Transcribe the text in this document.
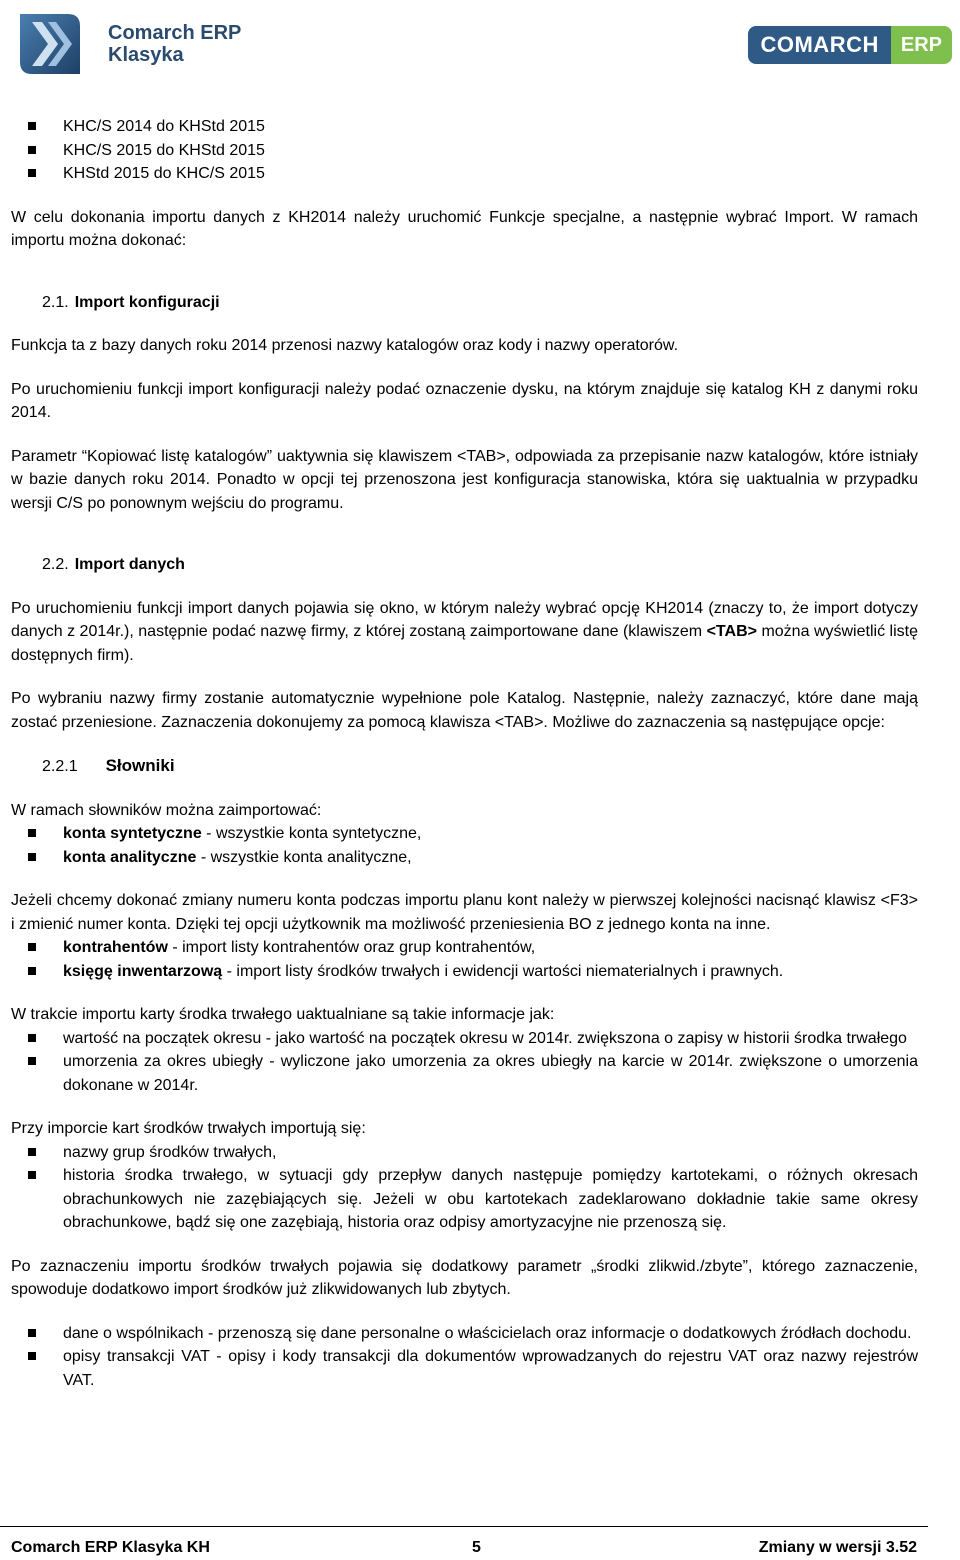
Comarch ERP
Klasyka	COMARCH	ERP
KHC/S 2014 do KHStd 2015
KHC/S 2015 do KHStd 2015
KHStd 2015 do KHC/S 2015

W celu dokonania importu danych z KH2014 należy uruchomić Funkcje specjalne, a następnie wybrać Import. W ramach importu można dokonać:

2.1. Import konfiguracji

Funkcja ta z bazy danych roku 2014 przenosi nazwy katalogów oraz kody i nazwy operatorów.

Po uruchomieniu funkcji import konfiguracji należy podać oznaczenie dysku, na którym znajduje się katalog KH z danymi roku 2014.

Parametr “Kopiować listę katalogów” uaktywnia się klawiszem <TAB>, odpowiada za przepisanie nazw katalogów, które istniały w bazie danych roku 2014. Ponadto w opcji tej przenoszona jest konfiguracja stanowiska, która się uaktualnia w przypadku wersji C/S po ponownym wejściu do programu.

2.2. Import danych

Po uruchomieniu funkcji import danych pojawia się okno, w którym należy wybrać opcję KH2014 (znaczy to, że import dotyczy danych z 2014r.), następnie podać nazwę firmy, z której zostaną zaimportowane dane (klawiszem <TAB> można wyświetlić listę dostępnych firm).

Po wybraniu nazwy firmy zostanie automatycznie wypełnione pole Katalog. Następnie, należy zaznaczyć, które dane mają zostać przeniesione. Zaznaczenia dokonujemy za pomocą klawisza <TAB>. Możliwe do zaznaczenia są następujące opcje:

2.2.1 Słowniki

W ramach słowników można zaimportować:

konta syntetyczne - wszystkie konta syntetyczne,
konta analityczne - wszystkie konta analityczne,

Jeżeli chcemy dokonać zmiany numeru konta podczas importu planu kont należy w pierwszej kolejności nacisnąć klawisz <F3> i zmienić numer konta. Dzięki tej opcji użytkownik ma możliwość przeniesienia BO z jednego konta na inne.

kontrahentów - import listy kontrahentów oraz grup kontrahentów,
księgę inwentarzową - import listy środków trwałych i ewidencji wartości niematerialnych i prawnych.

W trakcie importu karty środka trwałego uaktualniane są takie informacje jak:

wartość na początek okresu - jako wartość na początek okresu w 2014r. zwiększona o zapisy w historii środka trwałego
umorzenia za okres ubiegły - wyliczone jako umorzenia za okres ubiegły na karcie w 2014r. zwiększone o umorzenia dokonane w 2014r.

Przy imporcie kart środków trwałych importują się:

nazwy grup środków trwałych,
historia środka trwałego, w sytuacji gdy przepływ danych następuje pomiędzy kartotekami, o różnych okresach obrachunkowych nie zazębiających się. Jeżeli w obu kartotekach zadeklarowano dokładnie takie same okresy obrachunkowe, bądź się one zazębiają, historia oraz odpisy amortyzacyjne nie przenoszą się.

Po zaznaczeniu importu środków trwałych pojawia się dodatkowy parametr „środki zlikwid./zbyte”, którego zaznaczenie, spowoduje dodatkowo import środków już zlikwidowanych lub zbytych.

dane o wspólnikach - przenoszą się dane personalne o właścicielach oraz informacje o dodatkowych źródłach dochodu.
opisy transakcji VAT - opisy i kody transakcji dla dokumentów wprowadzanych do rejestru VAT oraz nazwy rejestrów VAT.
Comarch ERP Klasyka KH	5	Zmiany w wersji 3.52
